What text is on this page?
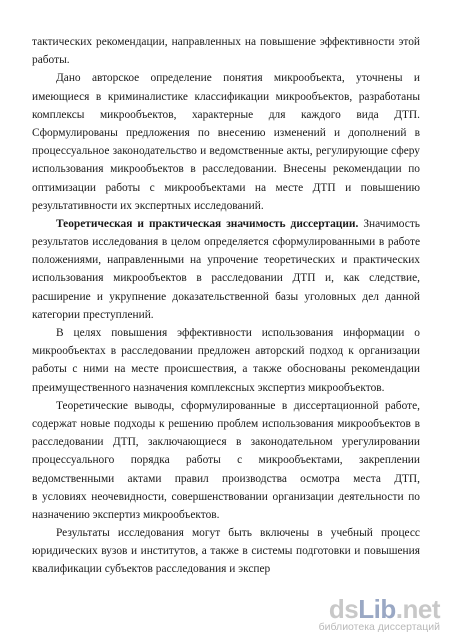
тактических рекомендации, направленных на повышение эффективности этой
работы.
Дано авторское определение понятия микрообъекта, уточнены и
имеющиеся в криминалистике классификации микрообъектов, разработаны
комплексы микрообъектов, характерные для каждого вида ДТП.
Сформулированы предложения по внесению изменений и дополнений в
процессуальное законодательство и ведомственные акты, регулирующие сферу
использования микрообъектов в расследовании. Внесены рекомендации по
оптимизации работы с микрообъектами на месте ДТП и повышению
результативности их экспертных исследований.
Теоретическая и практическая значимость диссертации. Значимость
результатов исследования в целом определяется сформулированными в работе
положениями, направленными на упрочение теоретических и практических
использования микрообъектов в расследовании ДТП и, как следствие,
расширение и укрупнение доказательственной базы уголовных дел данной
категории преступлений.
В целях повышения эффективности использования информации о
микрообъектах в расследовании предложен авторский подход к организации
работы с ними на месте происшествия, а также обоснованы рекомендации
преимущественного назначения комплексных экспертиз микрообъектов.
Теоретические выводы, сформулированные в диссертационной работе,
содержат новые подходы к решению проблем использования микрообъектов в
расследовании ДТП, заключающиеся в законодательном урегулировании
процессуального порядка работы с микрообъектами, закреплении
ведомственными актами правил производства осмотра места ДТП,
в условиях неочевидности, совершенствовании организации деятельности по
назначению экспертиз микрообъектов.
Результаты исследования могут быть включены в учебный процесс
юридических вузов и институтов, а также в системы подготовки и повышения
квалификации субъектов расследования и экспер
dsLib.net
библиотека диссертаций
